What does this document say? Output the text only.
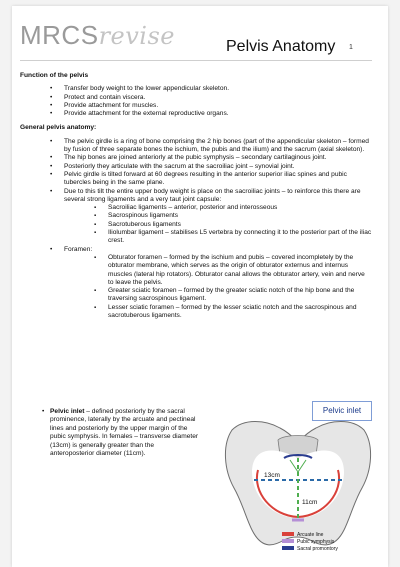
MRCSrevise	Pelvis Anatomy 1
Function of the pelvis
• Transfer body weight to the lower appendicular skeleton.
• Protect and contain viscera.
• Provide attachment for muscles.
• Provide attachment for the external reproductive organs.
General pelvis anatomy:
• The pelvic girdle is a ring of bone comprising the 2 hip bones (part of the appendicular skeleton – formed by fusion of three separate bones the ischium, the pubis and the ilium) and the sacrum (axial skeleton).
• The hip bones are joined anteriorly at the pubic symphysis – secondary cartilaginous joint.
• Posteriorly they articulate with the sacrum at the sacroiliac joint – synovial joint.
• Pelvic girdle is tilted forward at 60 degrees resulting in the anterior superior iliac spines and pubic tubercles being in the same plane.
• Due to this tilt the entire upper body weight is place on the sacroiliac joints – to reinforce this there are several strong ligaments and a very taut joint capsule:
▪ Sacroiliac ligaments – anterior, posterior and interosseous
▪ Sacrospinous ligaments
▪ Sacrotuberous ligaments
▪ Iliolumbar ligament – stabilises L5 vertebra by connecting it to the posterior part of the iliac crest.
• Foramen:
▪ Obturator foramen – formed by the ischium and pubis – covered incompletely by the obturator membrane, which serves as the origin of obturator externus and internus muscles (lateral hip rotators). Obturator canal allows the obturator artery, vein and nerve to leave the pelvis.
▪ Greater sciatic foramen – formed by the greater sciatic notch of the hip bone and the traversing sacrospinous ligament.
▪ Lesser sciatic foramen – formed by the lesser sciatic notch and the sacrospinous and sacrotuberous ligaments.
• Pelvic inlet – defined posteriorly by the sacral prominence, laterally by the arcuate and pectineal lines and posteriorly by the upper margin of the pubic symphysis. In females – transverse diameter (13cm) is generally greater than the anteroposterior diameter (11cm).
13cm
11cm
Arcuate line
Pubic symphysis
Sacral promontory
Pelvic inlet
